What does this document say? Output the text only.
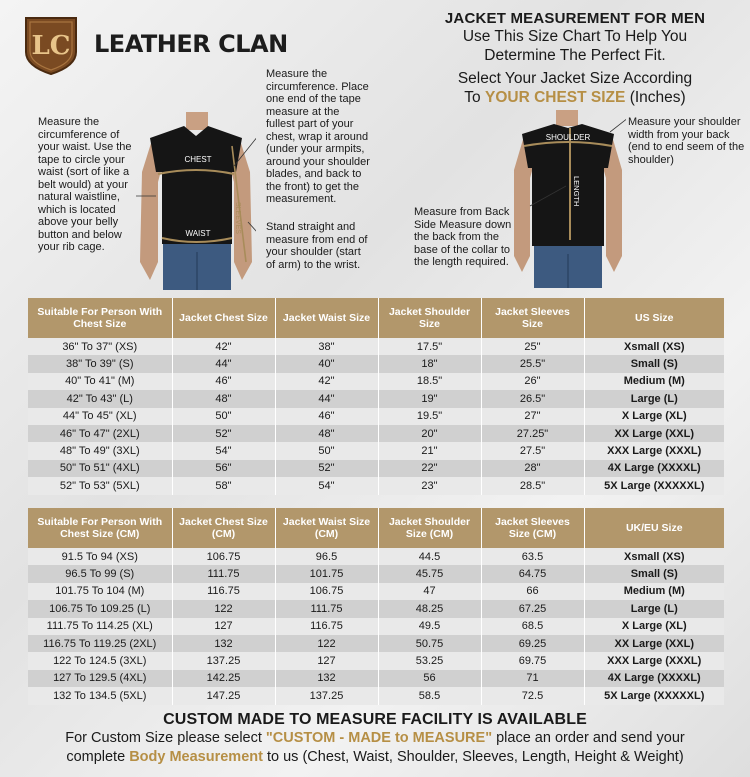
LC LEATHER CLAN
JACKET MEASUREMENT FOR MEN
Use This Size Chart To Help You
Determine The Perfect Fit.
Select Your Jacket Size According
To YOUR CHEST SIZE (Inches)
Measure the circumference of your waist. Use the tape to circle your waist (sort of like a belt would) at your natural waistline, which is located above your belly button and below your rib cage.
Measure the circumference. Place one end of the tape measure at the fullest part of your chest, wrap it around (under your armpits, around your shoulder blades, and back to the front) to get the measurement.
Stand straight and measure from end of your shoulder (start of arm) to the wrist.
Measure your shoulder width from your back (end to end seem of the shoulder)
Measure from Back Side Measure down the back from the base of the collar to the length required.
CHEST
WAIST	SLEEVES
SHOULDER
LENGTH
Suitable For Person With Chest Size	Jacket Chest Size	Jacket Waist Size	Jacket Shoulder Size	Jacket Sleeves Size	US Size
36" To 37" (XS)	42"	38"	17.5"	25"	Xsmall (XS)
38" To 39" (S)	44"	40"	18"	25.5"	Small (S)
40" To 41" (M)	46"	42"	18.5"	26"	Medium (M)
42" To 43" (L)	48"	44"	19"	26.5"	Large (L)
44" To 45" (XL)	50"	46"	19.5"	27"	X Large (XL)
46" To 47" (2XL)	52"	48"	20"	27.25"	XX Large (XXL)
48" To 49" (3XL)	54"	50"	21"	27.5"	XXX Large (XXXL)
50" To 51" (4XL)	56"	52"	22"	28"	4X Large (XXXXL)
52" To 53" (5XL)	58"	54"	23"	28.5"	5X Large (XXXXXL)
Suitable For Person With Chest Size (CM)	Jacket Chest Size (CM)	Jacket Waist Size (CM)	Jacket Shoulder Size (CM)	Jacket Sleeves Size (CM)	UK/EU Size
91.5 To 94 (XS)	106.75	96.5	44.5	63.5	Xsmall (XS)
96.5 To 99 (S)	111.75	101.75	45.75	64.75	Small (S)
101.75 To 104 (M)	116.75	106.75	47	66	Medium (M)
106.75 To 109.25 (L)	122	111.75	48.25	67.25	Large (L)
111.75 To 114.25 (XL)	127	116.75	49.5	68.5	X Large (XL)
116.75 To 119.25 (2XL)	132	122	50.75	69.25	XX Large (XXL)
122 To 124.5 (3XL)	137.25	127	53.25	69.75	XXX Large (XXXL)
127 To 129.5 (4XL)	142.25	132	56	71	4X Large (XXXXL)
132 To 134.5 (5XL)	147.25	137.25	58.5	72.5	5X Large (XXXXXL)
CUSTOM MADE TO MEASURE FACILITY IS AVAILABLE
For Custom Size please select "CUSTOM - MADE to MEASURE" place an order and send your
complete Body Measurement to us (Chest, Waist, Shoulder, Sleeves, Length, Height & Weight)
